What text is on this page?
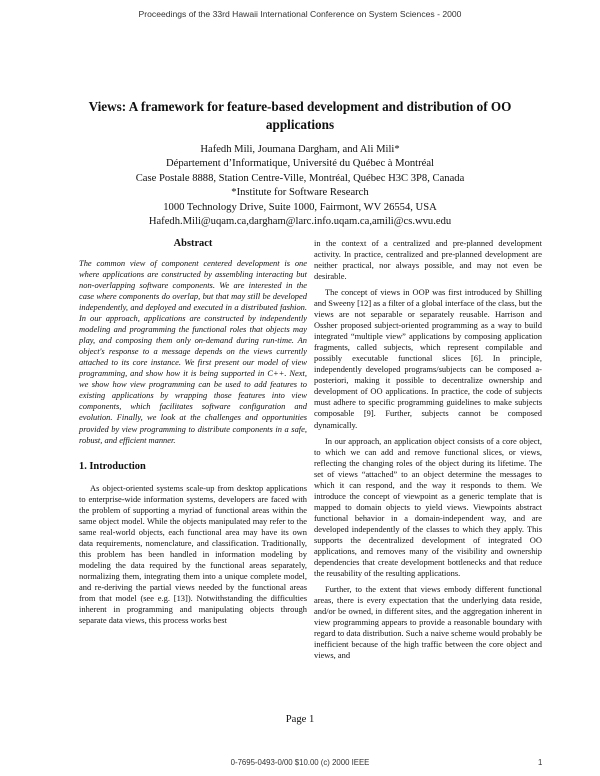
Proceedings of the 33rd Hawaii International Conference on System Sciences - 2000
Views: A framework for feature-based development and distribution of OO applications
Hafedh Mili, Joumana Dargham, and Ali Mili*
Département d’Informatique, Université du Québec à Montréal
Case Postale 8888, Station Centre-Ville, Montréal, Québec H3C 3P8, Canada
*Institute for Software Research
1000 Technology Drive, Suite 1000, Fairmont, WV 26554, USA
Hafedh.Mili@uqam.ca,dargham@larc.info.uqam.ca,amili@cs.wvu.edu
Abstract

The common view of component centered development is one where applications are constructed by assembling interacting but non-overlapping software components. We are interested in the case where components do overlap, but that may still be developed independently, and deployed and executed in a distributed fashion. In our approach, applications are constructed by independently modeling and programming the functional roles that objects may play, and composing them only on-demand during run-time. An object's response to a message depends on the views currently attached to its core instance. We first present our model of view programming, and show how it is being supported in C++. Next, we show how view programming can be used to add features to existing applications by wrapping those features into view components, which facilitates software configuration and evolution. Finally, we look at the challenges and opportunities provided by view programming to distribute components in a safe, robust, and efficient manner.

1. Introduction

As object-oriented systems scale-up from desktop applications to enterprise-wide information systems, developers are faced with the problem of supporting a myriad of functional areas within the same object model. While the objects manipulated may refer to the same real-world objects, each functional area may have its own data requirements, nomenclature, and classification. Traditionally, this problem has been handled in information modeling by modeling the data required by the functional areas separately, normalizing them, integrating them into a unique complete model, and re-deriving the partial views needed by the functional areas from that model (see e.g. [13]). Notwithstanding the difficulties inherent in programming and manipulating objects through separate data views, this process works best

in the context of a centralized and pre-planned development activity. In practice, centralized and pre-planned development are neither practical, nor always possible, and may not even be desirable.

The concept of views in OOP was first introduced by Shilling and Sweeny [12] as a filter of a global interface of the class, but the views are not separable or separately reusable. Harrison and Ossher proposed subject-oriented programming as a way to build integrated “multiple view” applications by composing application fragments, called subjects, which represent compilable and possibly executable functional slices [6]. In principle, independently developed programs/subjects can be composed a-posteriori, making it possible to decentralize ownership and development of OO applications. In practice, the code of subjects must adhere to specific programming guidelines to make subjects composable [9]. Further, subjects cannot be composed dynamically.

In our approach, an application object consists of a core object, to which we can add and remove functional slices, or views, reflecting the changing roles of the object during its lifetime. The set of views “attached” to an object determine the messages to which it can respond, and the way it responds to them. We introduce the concept of viewpoint as a generic template that is mapped to domain objects to yield views. Viewpoints abstract functional behavior in a domain-independent way, and are developed independently of the classes to which they apply. This supports the decentralized development of integrated OO applications, and removes many of the visibility and ownership dependencies that create development bottlenecks and that reduce the reusability of the resulting applications.

Further, to the extent that views embody different functional areas, there is every expectation that the underlying data reside, and/or be owned, in different sites, and the aggregation inherent in view programming appears to provide a reasonable boundary with regard to data distribution. Such a naive scheme would probably be inefficient because of the high traffic between the core object and views, and

Page 1
0-7695-0493-0/00 $10.00 (c) 2000 IEEE	1
